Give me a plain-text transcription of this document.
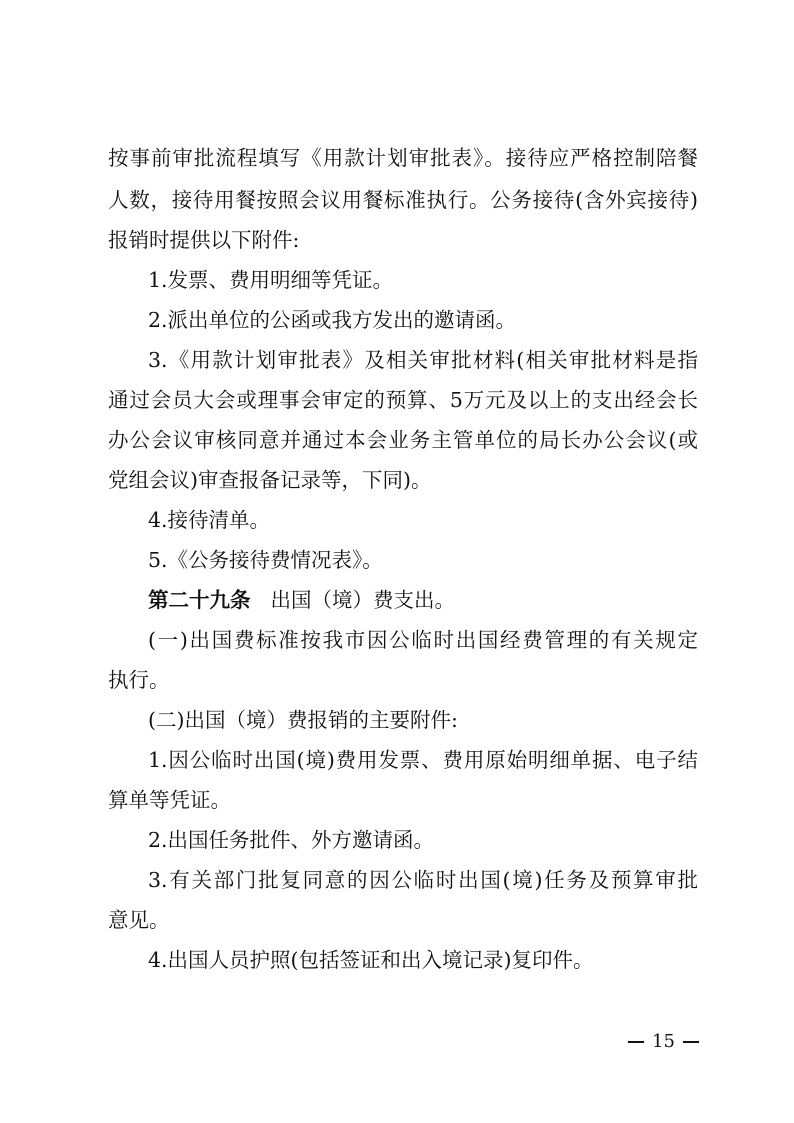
按事前审批流程填写《用款计划审批表》。接待应严格控制陪餐
人数，接待用餐按照会议用餐标准执行。公务接待(含外宾接待)
报销时提供以下附件:
1.发票、费用明细等凭证。
2.派出单位的公函或我方发出的邀请函。
3.《用款计划审批表》及相关审批材料(相关审批材料是指
通过会员大会或理事会审定的预算、5万元及以上的支出经会长
办公会议审核同意并通过本会业务主管单位的局长办公会议(或
党组会议)审查报备记录等，下同)。
4.接待清单。
5.《公务接待费情况表》。
第二十九条 出国（境）费支出。
(一)出国费标准按我市因公临时出国经费管理的有关规定
执行。
(二)出国（境）费报销的主要附件:
1.因公临时出国(境)费用发票、费用原始明细单据、电子结
算单等凭证。
2.出国任务批件、外方邀请函。
3.有关部门批复同意的因公临时出国(境)任务及预算审批
意见。
4.出国人员护照(包括签证和出入境记录)复印件。
15
